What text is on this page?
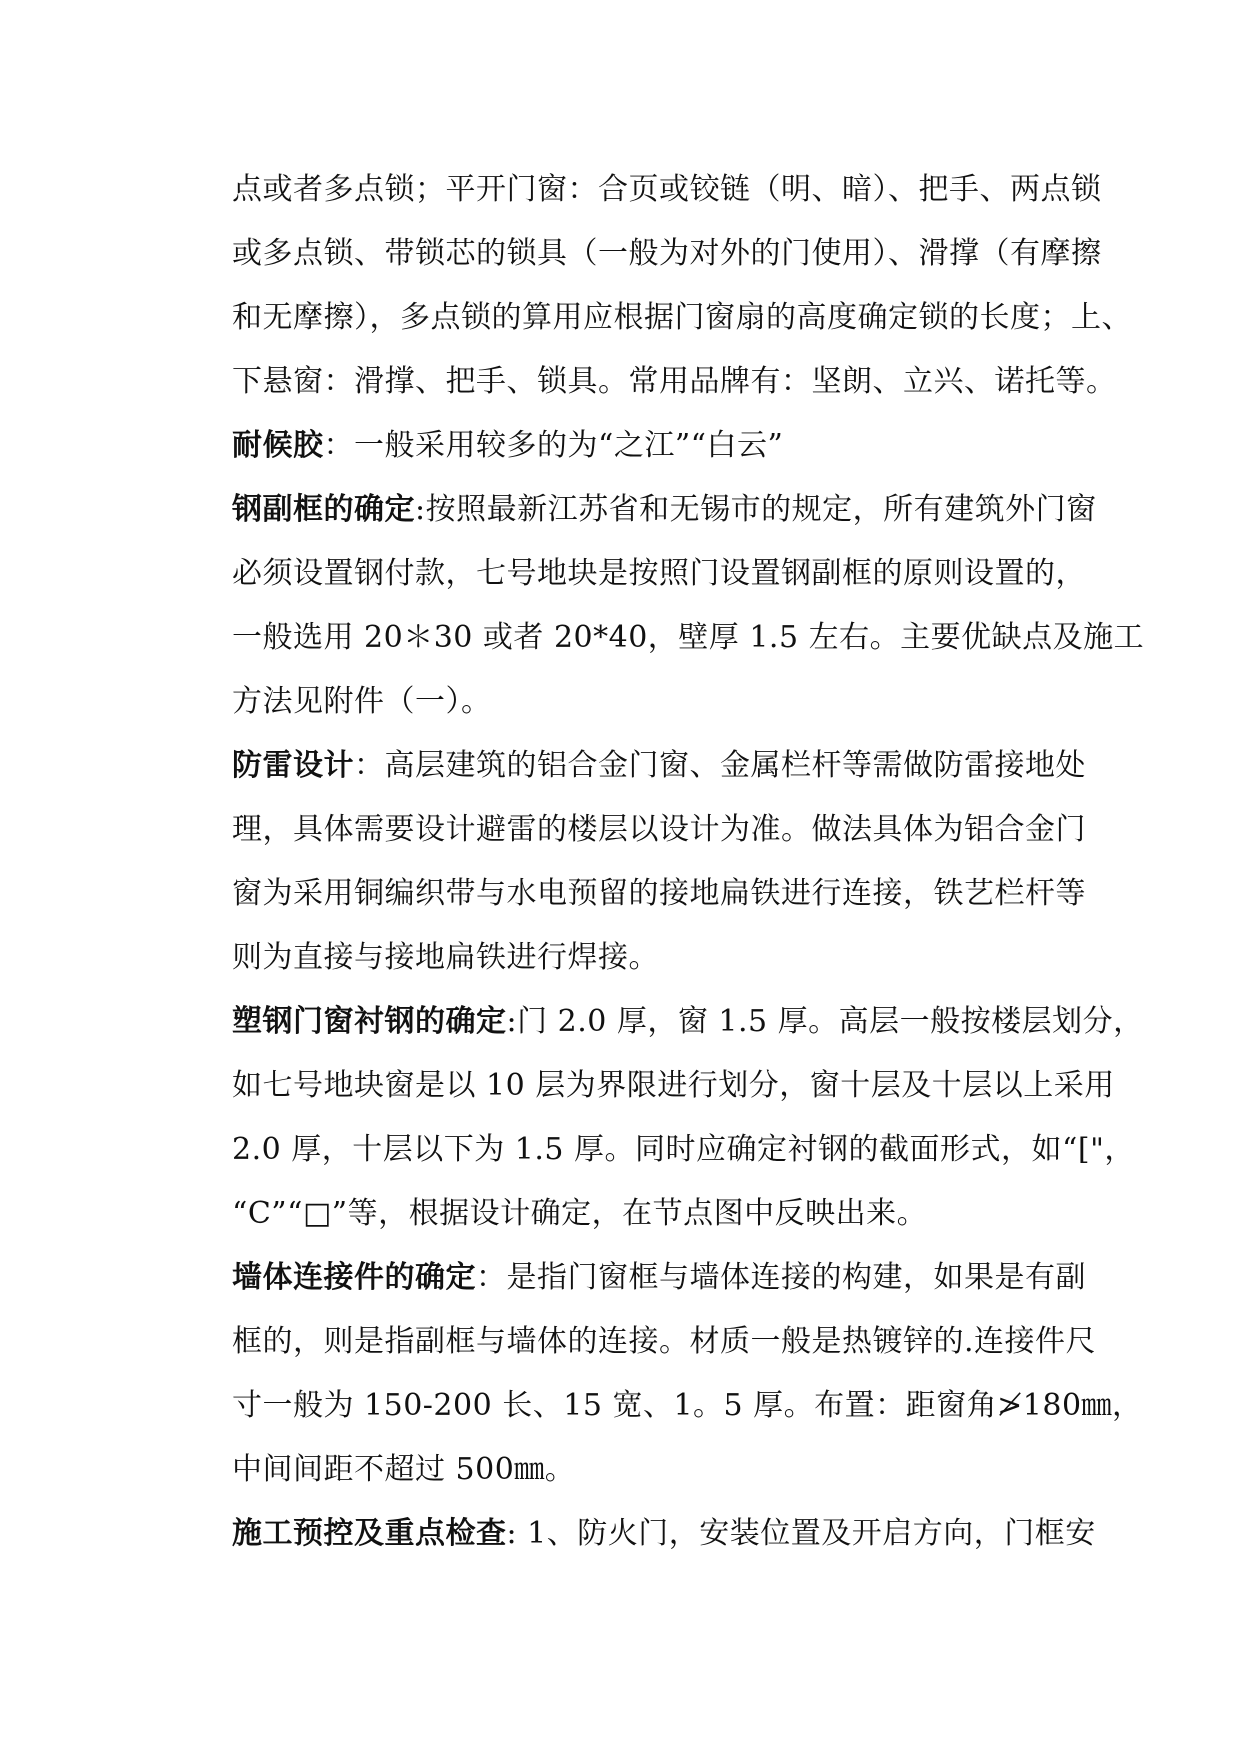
点或者多点锁；平开门窗：合页或铰链（明、暗）、把手、两点锁
或多点锁、带锁芯的锁具（一般为对外的门使用）、滑撑（有摩擦
和无摩擦），多点锁的算用应根据门窗扇的高度确定锁的长度；上、
下悬窗：滑撑、把手、锁具。常用品牌有：坚朗、立兴、诺托等。
耐候胶：一般采用较多的为“之江”“白云”
钢副框的确定:按照最新江苏省和无锡市的规定，所有建筑外门窗
必须设置钢付款，七号地块是按照门设置钢副框的原则设置的，
一般选用 20＊30 或者 20*40，壁厚 1.5 左右。主要优缺点及施工
方法见附件（一）。
防雷设计：高层建筑的铝合金门窗、金属栏杆等需做防雷接地处
理，具体需要设计避雷的楼层以设计为准。做法具体为铝合金门
窗为采用铜编织带与水电预留的接地扁铁进行连接，铁艺栏杆等
则为直接与接地扁铁进行焊接。
塑钢门窗衬钢的确定:门 2.0 厚，窗 1.5 厚。高层一般按楼层划分，
如七号地块窗是以 10 层为界限进行划分，窗十层及十层以上采用
2.0 厚，十层以下为 1.5 厚。同时应确定衬钢的截面形式，如“["，
“C”“□”等，根据设计确定，在节点图中反映出来。
墙体连接件的确定：是指门窗框与墙体连接的构建，如果是有副
框的，则是指副框与墙体的连接。材质一般是热镀锌的.连接件尺
寸一般为 150-200 长、15 宽、1。5 厚。布置：距窗角≯180㎜，
中间间距不超过 500㎜。
施工预控及重点检查: 1、防火门，安装位置及开启方向，门框安
